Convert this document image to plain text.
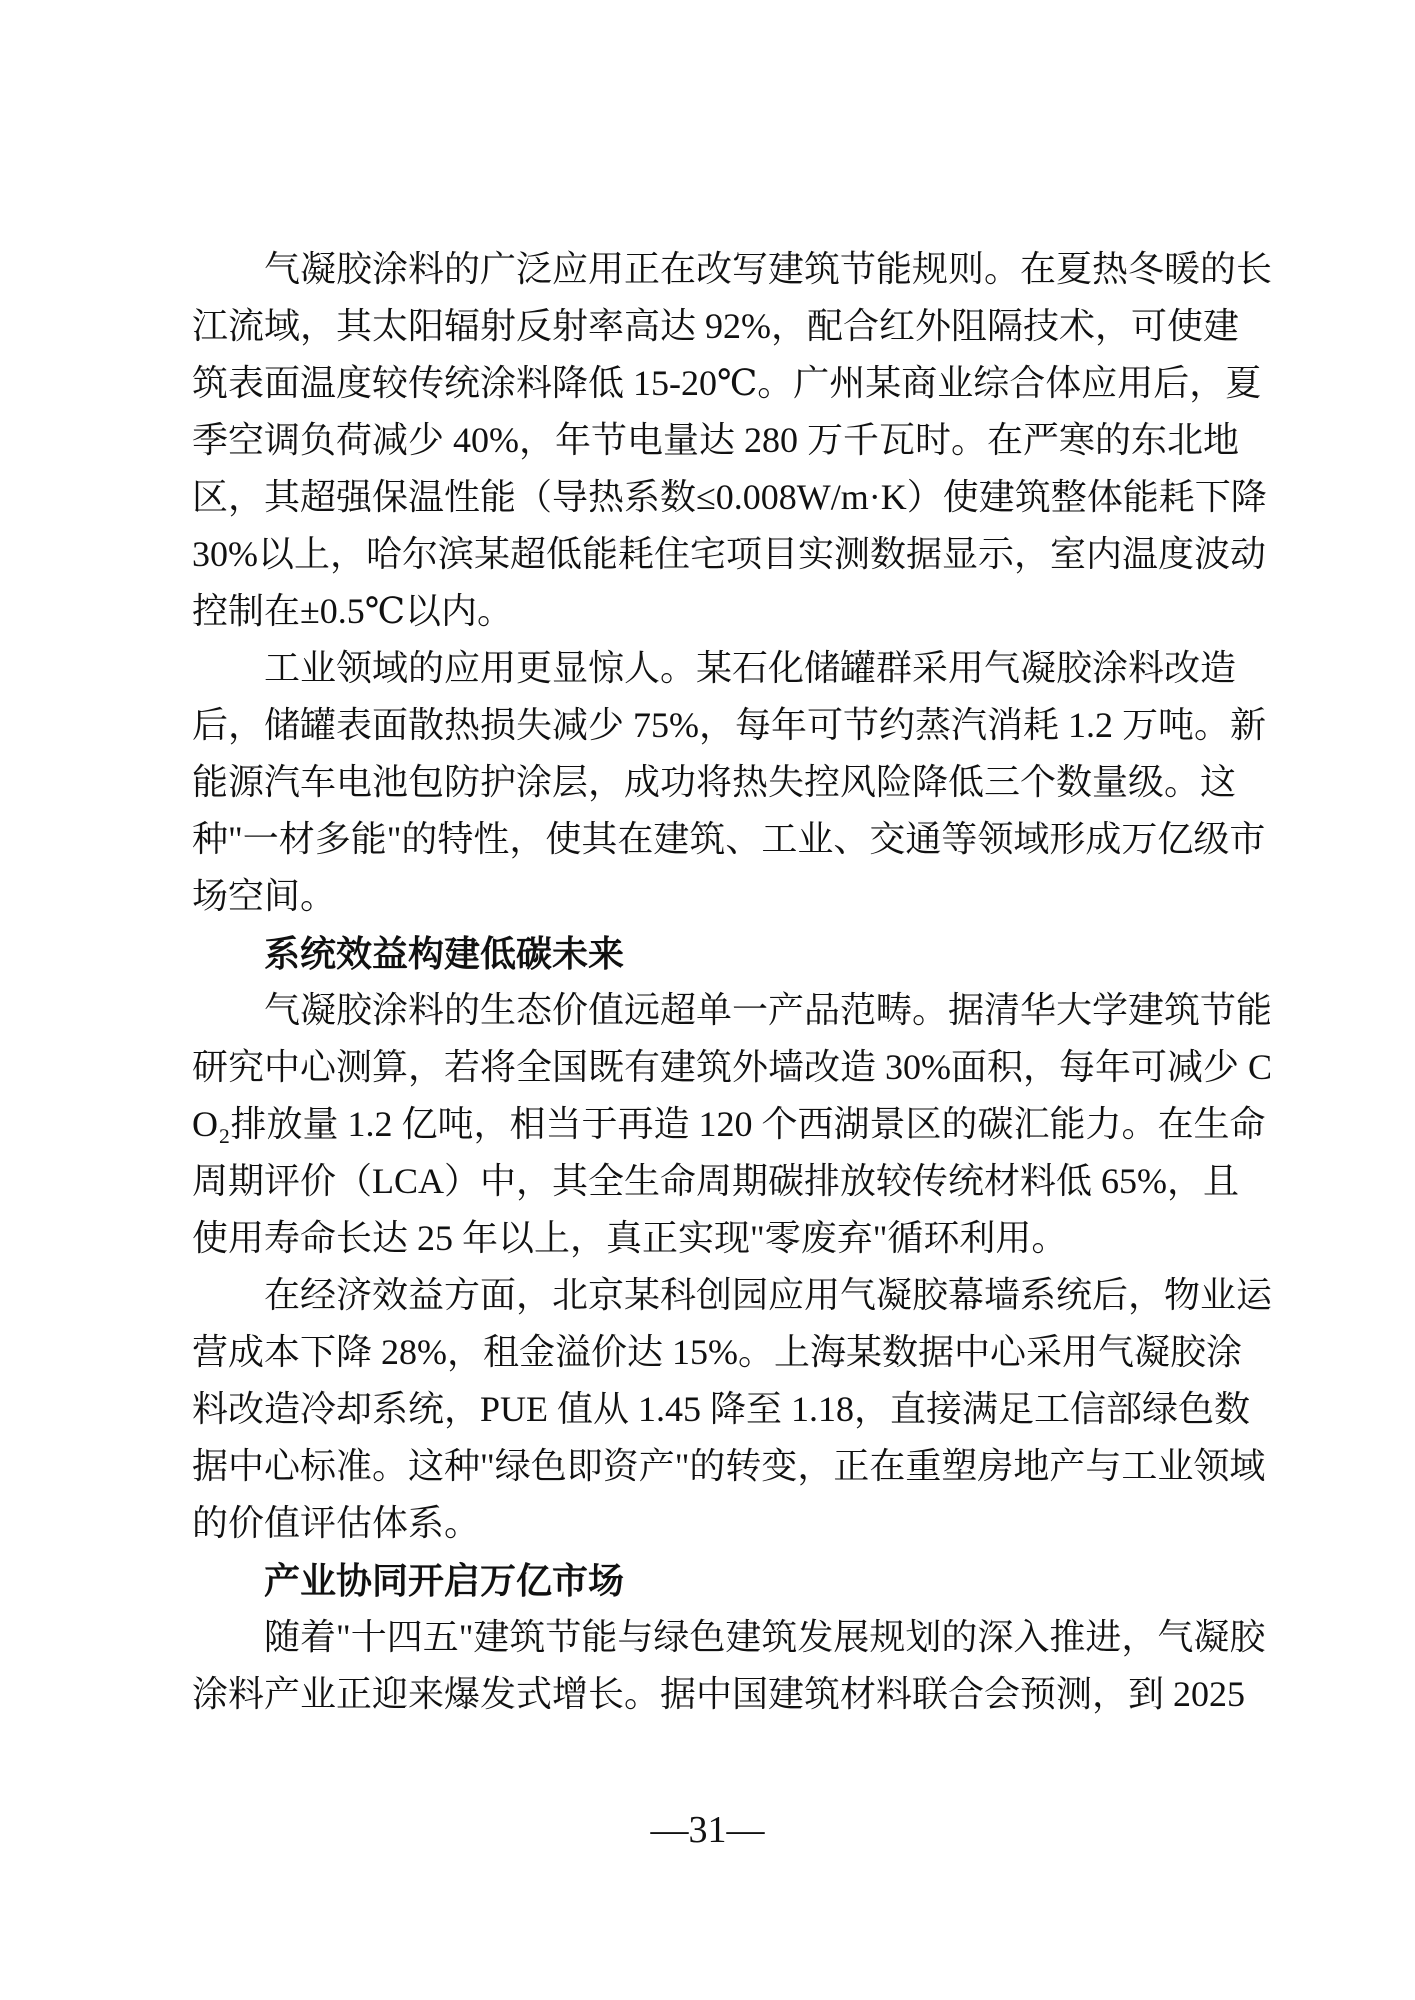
气凝胶涂料的广泛应用正在改写建筑节能规则。在夏热冬暖的长
江流域，其太阳辐射反射率高达 92%，配合红外阻隔技术，可使建
筑表面温度较传统涂料降低 15-20℃。广州某商业综合体应用后，夏
季空调负荷减少 40%，年节电量达 280 万千瓦时。在严寒的东北地
区，其超强保温性能（导热系数≤0.008W/m·K）使建筑整体能耗下降
30%以上，哈尔滨某超低能耗住宅项目实测数据显示，室内温度波动
控制在±0.5℃以内。
工业领域的应用更显惊人。某石化储罐群采用气凝胶涂料改造
后，储罐表面散热损失减少 75%，每年可节约蒸汽消耗 1.2 万吨。新
能源汽车电池包防护涂层，成功将热失控风险降低三个数量级。这
种"一材多能"的特性，使其在建筑、工业、交通等领域形成万亿级市
场空间。
系统效益构建低碳未来
气凝胶涂料的生态价值远超单一产品范畴。据清华大学建筑节能
研究中心测算，若将全国既有建筑外墙改造 30%面积，每年可减少 C
O₂排放量 1.2 亿吨，相当于再造 120 个西湖景区的碳汇能力。在生命
周期评价（LCA）中，其全生命周期碳排放较传统材料低 65%，且
使用寿命长达 25 年以上，真正实现"零废弃"循环利用。
在经济效益方面，北京某科创园应用气凝胶幕墙系统后，物业运
营成本下降 28%，租金溢价达 15%。上海某数据中心采用气凝胶涂
料改造冷却系统，PUE 值从 1.45 降至 1.18，直接满足工信部绿色数
据中心标准。这种"绿色即资产"的转变，正在重塑房地产与工业领域
的价值评估体系。
产业协同开启万亿市场
随着"十四五"建筑节能与绿色建筑发展规划的深入推进，气凝胶
涂料产业正迎来爆发式增长。据中国建筑材料联合会预测，到 2025
—31—
